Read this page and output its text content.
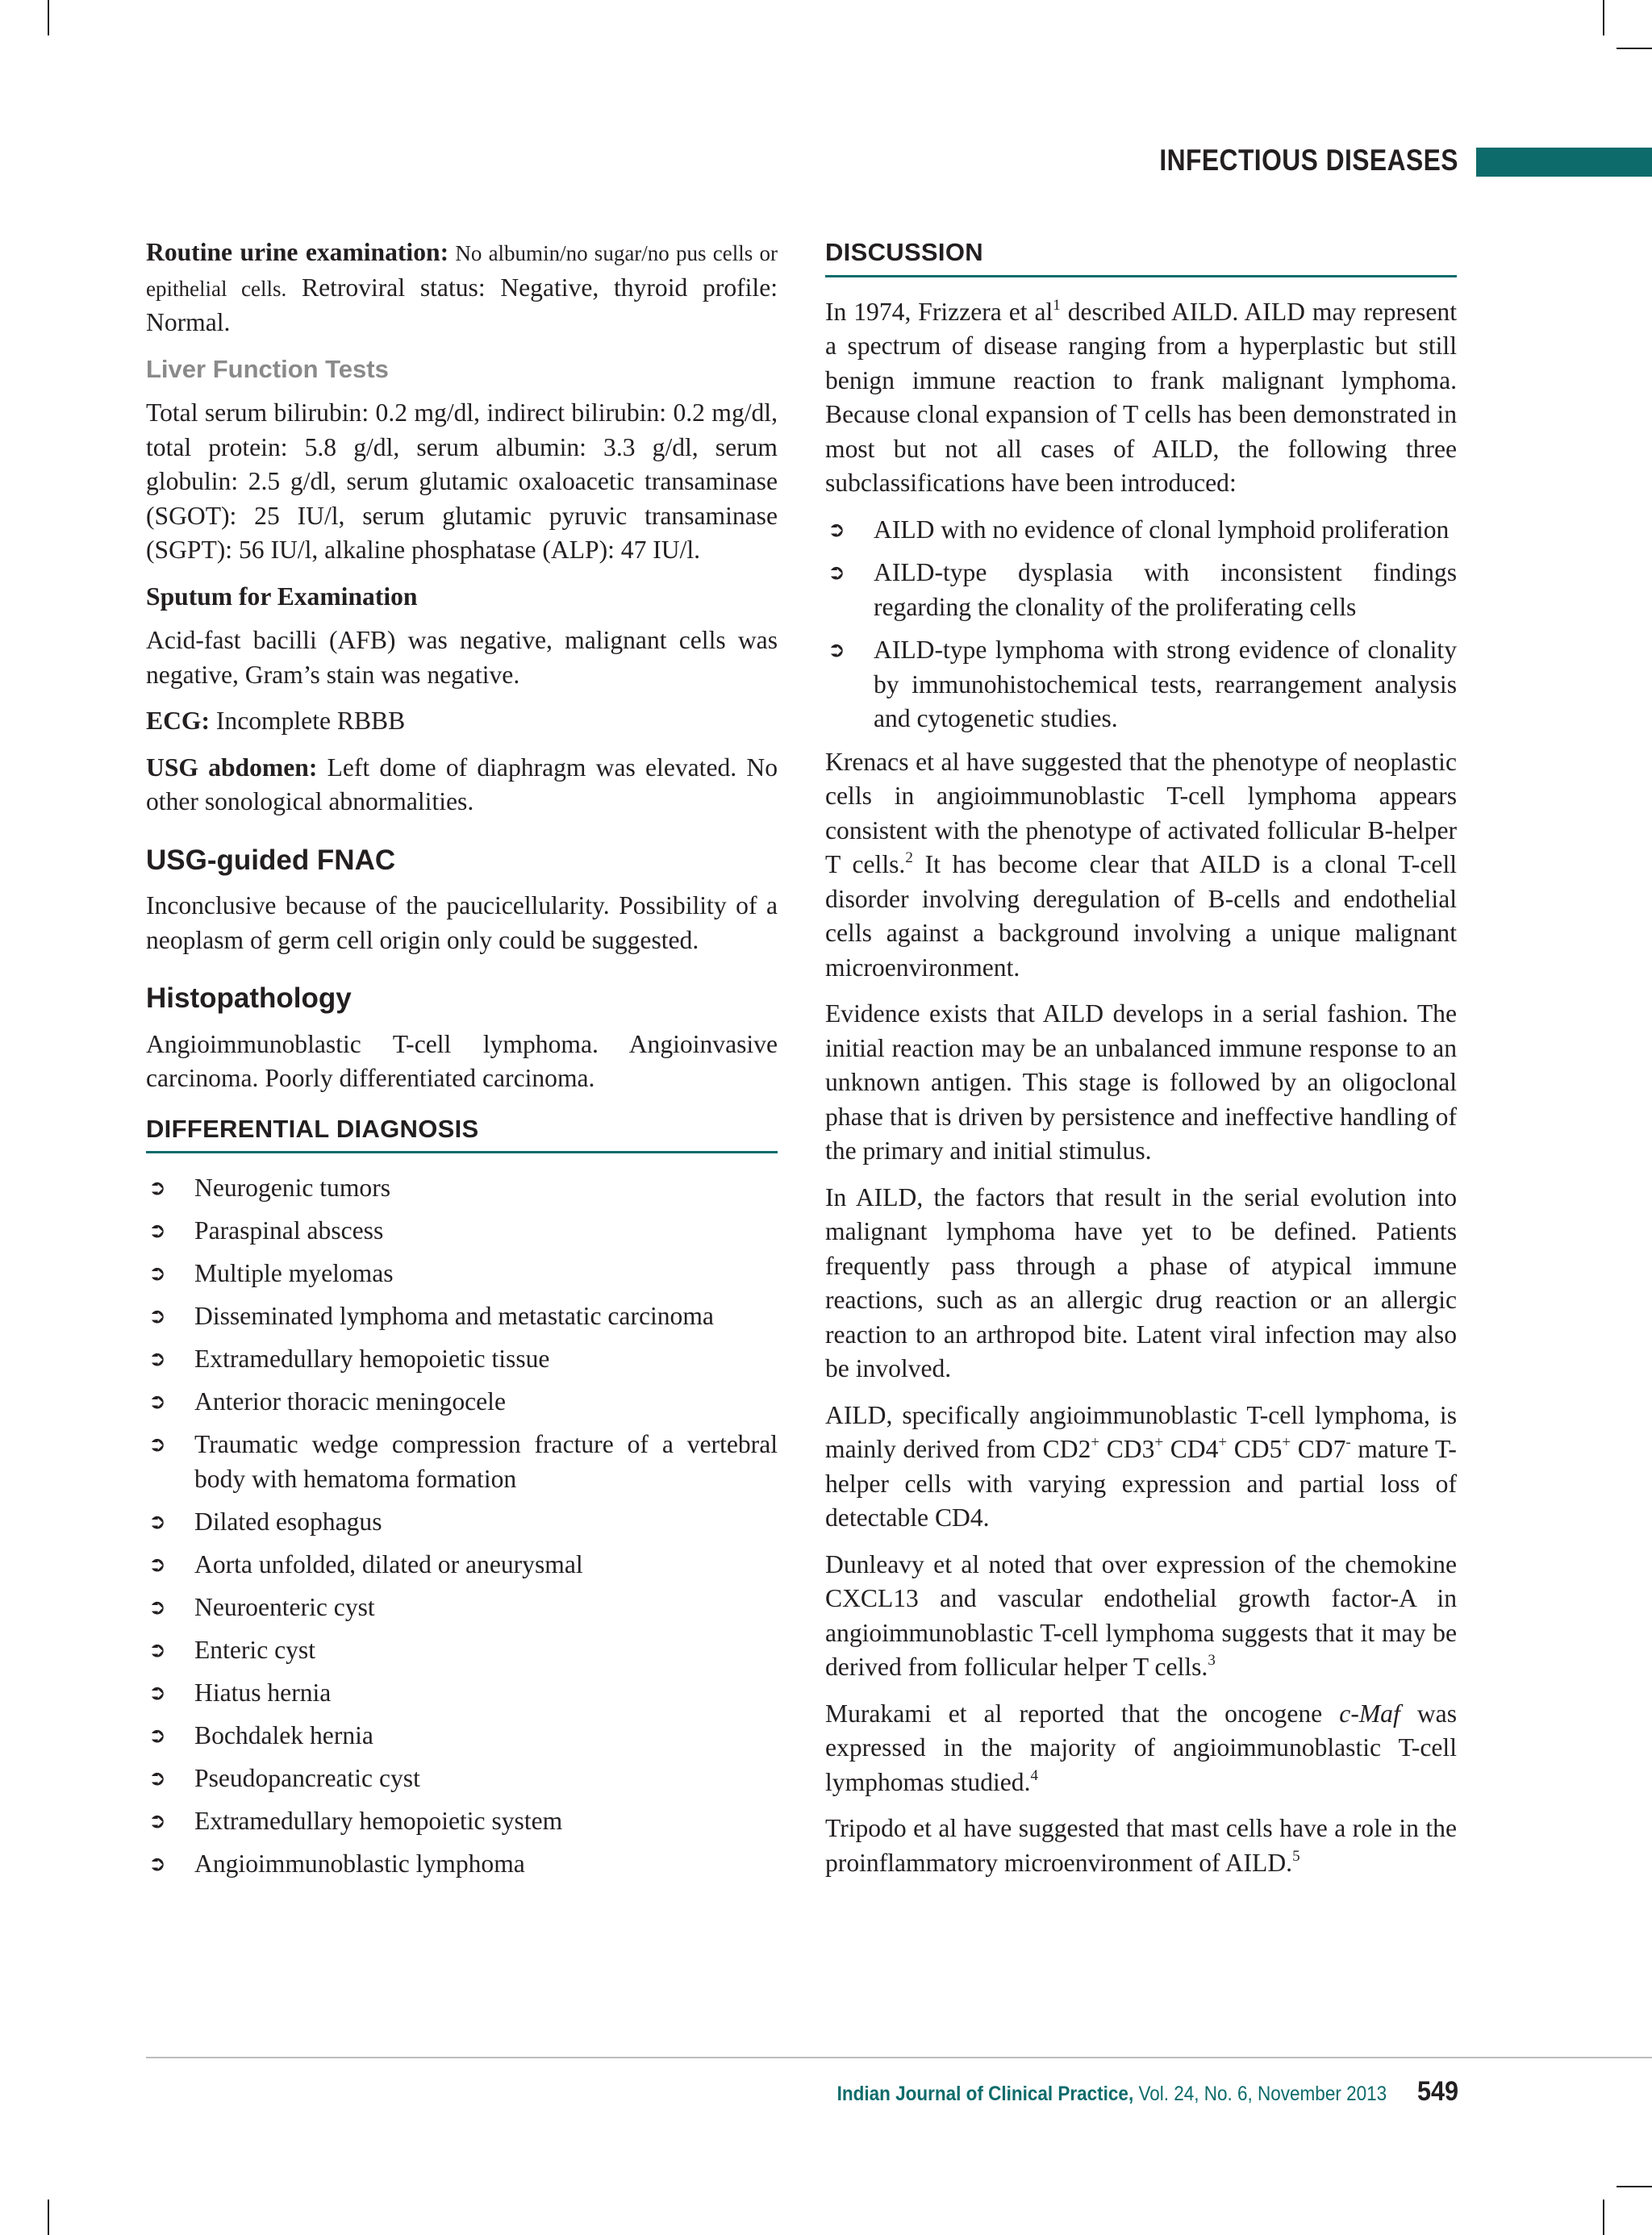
INFECTIOUS DISEASES

Routine urine examination: No albumin/no sugar/no pus cells or epithelial cells. Retroviral status: Negative, thyroid profile: Normal.

Liver Function Tests

Total serum bilirubin: 0.2 mg/dl, indirect bilirubin: 0.2 mg/dl, total protein: 5.8 g/dl, serum albumin: 3.3 g/dl, serum globulin: 2.5 g/dl, serum glutamic oxaloacetic transaminase (SGOT): 25 IU/l, serum glutamic pyruvic transaminase (SGPT): 56 IU/l, alkaline phosphatase (ALP): 47 IU/l.

Sputum for Examination

Acid-fast bacilli (AFB) was negative, malignant cells was negative, Gram’s stain was negative.

ECG: Incomplete RBBB

USG abdomen: Left dome of diaphragm was elevated. No other sonological abnormalities.

USG-guided FNAC

Inconclusive because of the paucicellularity. Possibility of a neoplasm of germ cell origin only could be suggested.

Histopathology

Angioimmunoblastic T-cell lymphoma. Angioinvasive carcinoma. Poorly differentiated carcinoma.

DIFFERENTIAL DIAGNOSIS
➲ Neurogenic tumors
➲ Paraspinal abscess
➲ Multiple myelomas
➲ Disseminated lymphoma and metastatic carcinoma
➲ Extramedullary hemopoietic tissue
➲ Anterior thoracic meningocele
➲ Traumatic wedge compression fracture of a vertebral body with hematoma formation
➲ Dilated esophagus
➲ Aorta unfolded, dilated or aneurysmal
➲ Neuroenteric cyst
➲ Enteric cyst
➲ Hiatus hernia
➲ Bochdalek hernia
➲ Pseudopancreatic cyst
➲ Extramedullary hemopoietic system
➲ Angioimmunoblastic lymphoma
DISCUSSION

In 1974, Frizzera et $al^1$ described AILD. AILD may represent a spectrum of disease ranging from a hyperplastic but still benign immune reaction to frank malignant lymphoma. Because clonal expansion of T cells has been demonstrated in most but not all cases of AILD, the following three subclassifications have been introduced:

➲ AILD with no evidence of clonal lymphoid proliferation
➲ AILD-type dysplasia with inconsistent findings regarding the clonality of the proliferating cells
➲ AILD-type lymphoma with strong evidence of clonality by immunohistochemical tests, rearrangement analysis and cytogenetic studies.

Krenacs et al have suggested that the phenotype of neoplastic cells in angioimmunoblastic T-cell lymphoma appears consistent with the phenotype of activated follicular B-helper T cells.$^2$ It has become clear that AILD is a clonal T-cell disorder involving deregulation of B-cells and endothelial cells against a background involving a unique malignant microenvironment.

Evidence exists that AILD develops in a serial fashion. The initial reaction may be an unbalanced immune response to an unknown antigen. This stage is followed by an oligoclonal phase that is driven by persistence and ineffective handling of the primary and initial stimulus.

In AILD, the factors that result in the serial evolution into malignant lymphoma have yet to be defined. Patients frequently pass through a phase of atypical immune reactions, such as an allergic drug reaction or an allergic reaction to an arthropod bite. Latent viral infection may also be involved.

AILD, specifically angioimmunoblastic T-cell lymphoma, is mainly derived from CD2+ CD3+ CD4+ CD5+ CD7- mature T-helper cells with varying expression and partial loss of detectable CD4.

Dunleavy et al noted that over expression of the chemokine CXCL13 and vascular endothelial growth factor-A in angioimmunoblastic T-cell lymphoma suggests that it may be derived from follicular helper T cells.$^3$

Murakami et al reported that the oncogene c-Maf was expressed in the majority of angioimmunoblastic T-cell lymphomas studied.$^4$

Tripodo et al have suggested that mast cells have a role in the proinflammatory microenvironment of AILD.$^5$

Indian Journal of Clinical Practice, Vol. 24, No. 6, November 2013 549
